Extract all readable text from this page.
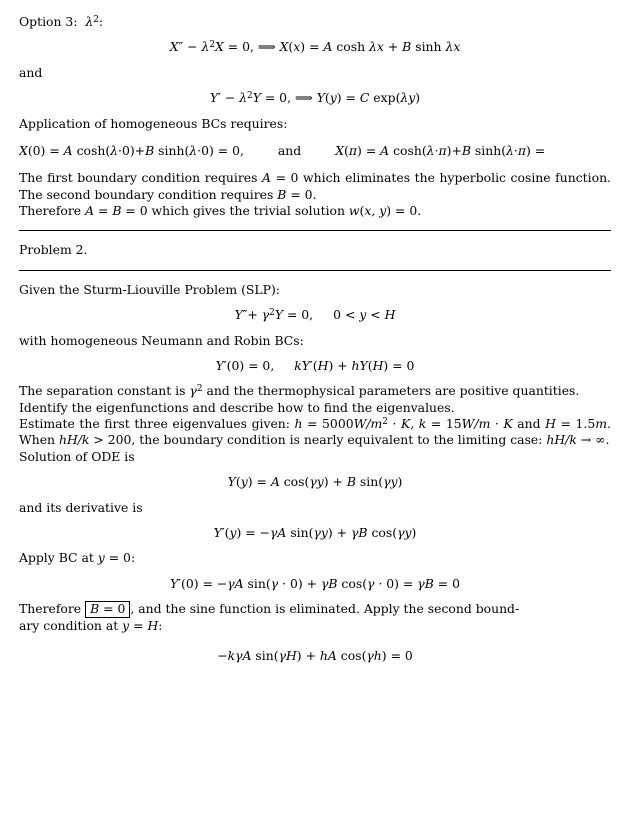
Option 3:  $\lambda^2$:
$X'' - \lambda^2X = 0$, ⟹ X(x) = A cosh λx + B sinh λx
and
$Y' - \lambda^2Y = 0$, ⟹ Y(y) = C exp(λy)
Application of homogeneous BCs requires:
X(0) = A cosh(λ·0)+B sinh(λ·0) = 0,	and	X(π) = A cosh(λ·π)+B sinh(λ·π) =
The first boundary condition requires A = 0 which eliminates the hyperbolic cosine function. The second boundary condition requires B = 0.
Therefore A = B = 0 which gives the trivial solution w(x, y) = 0.
Problem 2.
Given the Sturm-Liouville Problem (SLP):
$Y''+ \gamma^2Y = 0$, 0 < y < H
with homogeneous Neumann and Robin BCs:
Y′(0) = 0, kY′(H) + hY(H) = 0
The separation constant is $\gamma^2$ and the thermophysical parameters are positive quantities.
Identify the eigenfunctions and describe how to find the eigenvalues.
Estimate the first three eigenvalues given: $h = 5000W/m^2 \cdot K$, k = 15W/m · K and H = 1.5m. When hH/k > 200, the boundary condition is nearly equivalent to the limiting case: hH/k → ∞.
Solution of ODE is
Y(y) = A cos(γy) + B sin(γy)
and its derivative is
Y′(y) = −γA sin(γy) + γB cos(γy)
Apply BC at y = 0:
Y′(0) = −γA sin(γ · 0) + γB cos(γ · 0) = γB = 0
Therefore B = 0 , and the sine function is eliminated. Apply the second bound-
ary condition at y = H:
−kγA sin(γH) + hA cos(γh) = 0
